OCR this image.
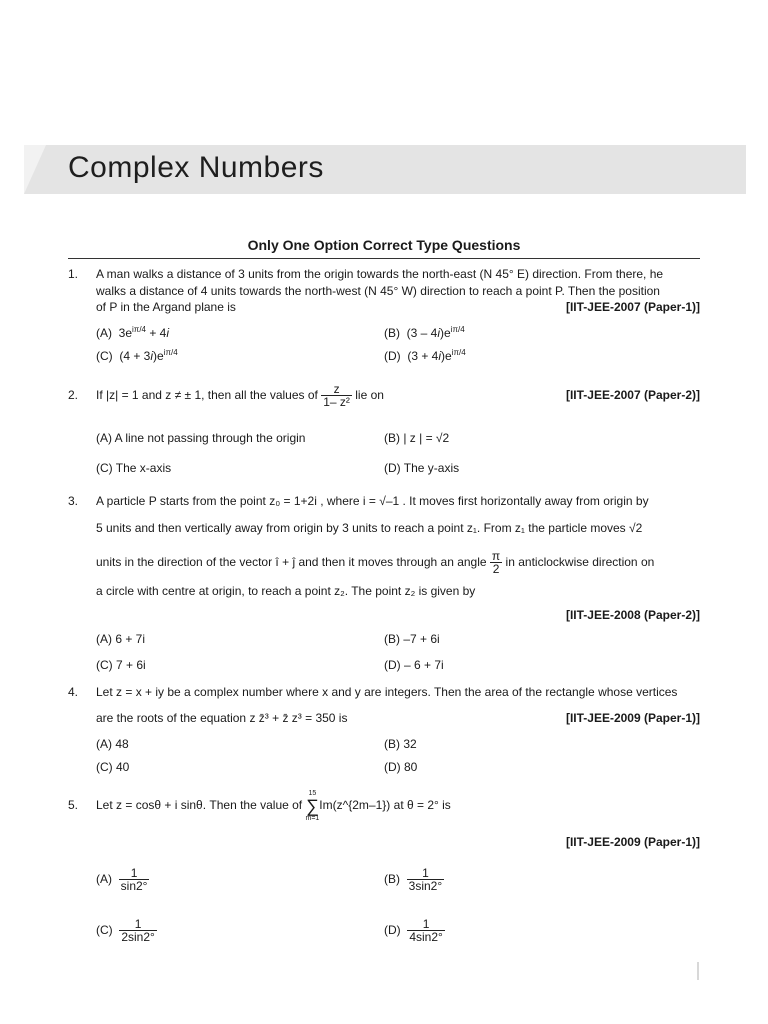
Complex Numbers
Only One Option Correct Type Questions
1. A man walks a distance of 3 units from the origin towards the north-east (N 45° E) direction. From there, he
walks a distance of 4 units towards the north-west (N 45° W) direction to reach a point P. Then the position
of P in the Argand plane is	[IIT-JEE-2007 (Paper-1)]
(A)  $3e^{i\pi/4} + 4i$	(B)  $(3 - 4i)e^{i\pi/4}$
(C)  $(4 + 3i)e^{i\pi/4}$	(D)  $(3 + 4i)e^{i\pi/4}$
2. If |z| = 1 and z ≠ ± 1, then all the values of $\frac{z}{\text{1– z²}}$ lie on	[IIT-JEE-2007 (Paper-2)]
(A) A line not passing through the origin	(B) | z | = √2
(C) The x-axis	(D) The y-axis
3. A particle P starts from the point z₀ = 1+2i , where i = √–1 . It moves first horizontally away from origin by
5 units and then vertically away from origin by 3 units to reach a point z₁. From z₁ the particle moves √2
units in the direction of the vector î + ĵ and then it moves through an angle $\frac{\pi}{2}$ in anticlockwise direction on
a circle with centre at origin, to reach a point z₂. The point z₂ is given by
[IIT-JEE-2008 (Paper-2)]
(A) 6 + 7i	(B) –7 + 6i
(C) 7 + 6i	(D) – 6 + 7i
4. Let z = x + iy be a complex number where x and y are integers. Then the area of the rectangle whose vertices
are the roots of the equation z z̄³ + z̄ z³ = 350 is	[IIT-JEE-2009 (Paper-1)]
(A) 48	(B) 32
(C) 40	(D) 80
5. Let z = cosθ + i sinθ. Then the value of
15
∑
m=1
Im(z^{2m–1}) at θ = 2° is
[IIT-JEE-2009 (Paper-1)]
$(A) \frac{1}{\sin 2^\circ}$	$(B) \frac{1}{3\sin 2^\circ}$
$(C) \frac{1}{2\sin 2^\circ}$	$(D) \frac{1}{4\sin 2^\circ}$
